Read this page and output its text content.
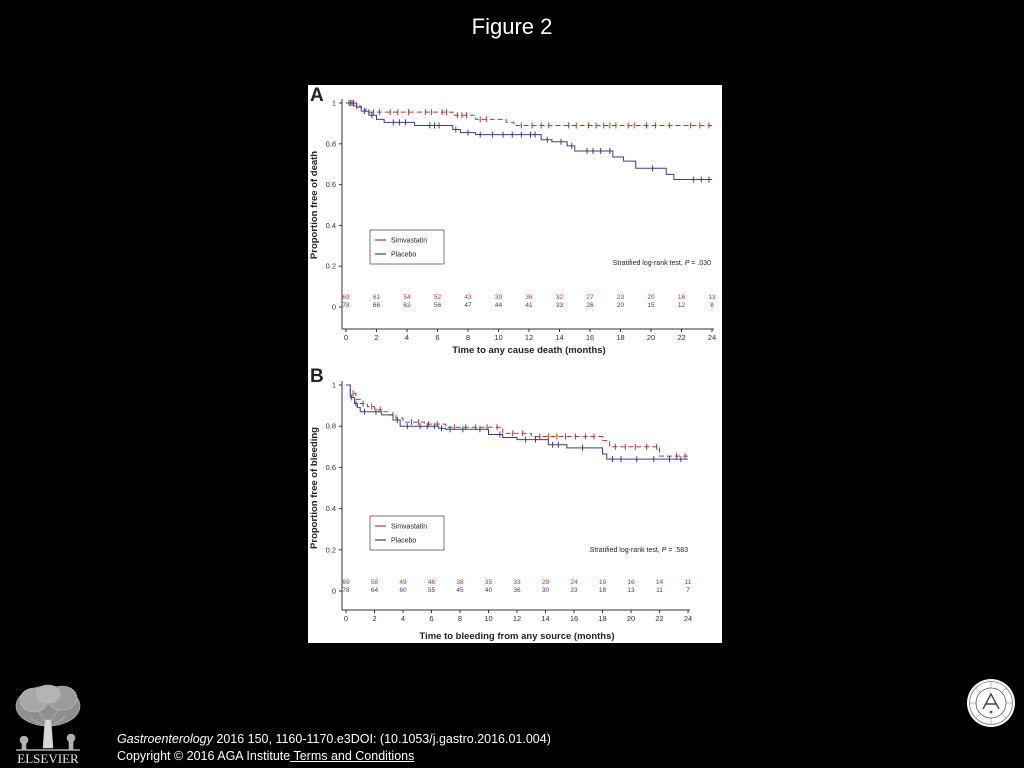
Figure 2
A
0
0.2
0.4
0.6
0.8
1
0	2	4	6	8	10	12	14	16	18	20	22	24
Time to any cause death (months)
Proportion free of death
69	61	54	52	43	39	36	32	27	23	20	16	13
78	66	62	56	47	44	41	33	26	20	15	12	8
Simvastatin
Placebo
Stratified log-rank test, P = .030
B
0
0.2
0.4
0.6
0.8
1
0	2	4	6	8	10	12	14	16	18	20	22	24
Time to bleeding from any source (months)
Proportion free of bleeding
69	58	49	46	38	35	33	29	24	19	16	14	11
78	64	60	55	45	40	36	30	23	18	13	11	7
Simvastatin
Placebo
Stratified log-rank test, P = .583
ELSEVIER
Gastroenterology 2016 150, 1160-1170.e3DOI: (10.1053/j.gastro.2016.01.004)
Copyright © 2016 AGA Institute Terms and Conditions
